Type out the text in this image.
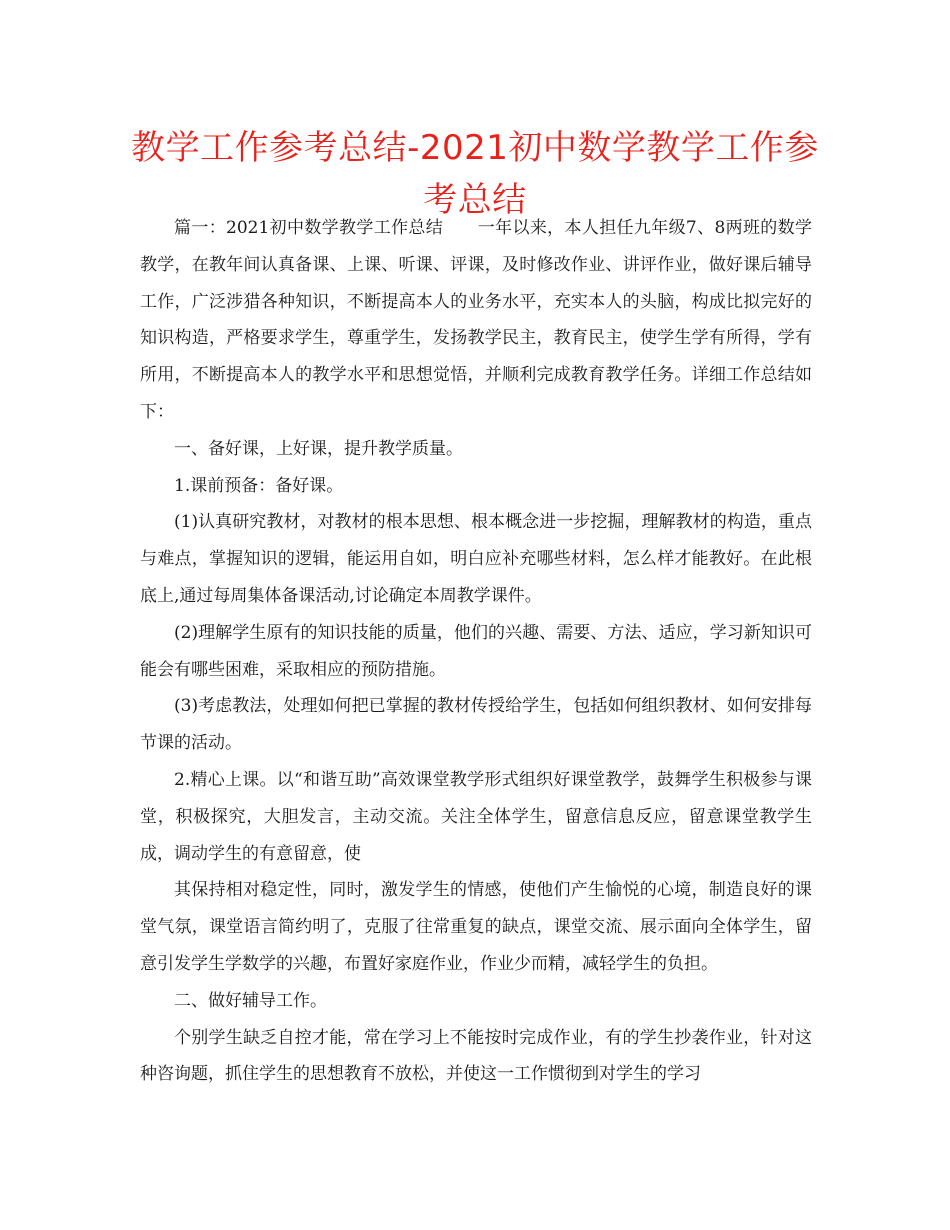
教学工作参考总结-2021初中数学教学工作参考总结

篇一：2021初中数学教学工作总结　　一年以来，本人担任九年级7、8两班的数学教学，在教年间认真备课、上课、听课、评课，及时修改作业、讲评作业，做好课后辅导工作，广泛涉猎各种知识，不断提高本人的业务水平，充实本人的头脑，构成比拟完好的知识构造，严格要求学生，尊重学生，发扬教学民主，教育民主，使学生学有所得，学有所用，不断提高本人的教学水平和思想觉悟，并顺利完成教育教学任务。详细工作总结如下：

一、备好课，上好课，提升教学质量。

1.课前预备：备好课。

(1)认真研究教材，对教材的根本思想、根本概念进一步挖掘，理解教材的构造，重点与难点，掌握知识的逻辑，能运用自如，明白应补充哪些材料，怎么样才能教好。在此根底上,通过每周集体备课活动,讨论确定本周教学课件。

(2)理解学生原有的知识技能的质量，他们的兴趣、需要、方法、适应，学习新知识可能会有哪些困难，采取相应的预防措施。

(3)考虑教法，处理如何把已掌握的教材传授给学生，包括如何组织教材、如何安排每节课的活动。

2.精心上课。以“和谐互助”高效课堂教学形式组织好课堂教学，鼓舞学生积极参与课堂，积极探究，大胆发言，主动交流。关注全体学生，留意信息反应，留意课堂教学生成，调动学生的有意留意，使

其保持相对稳定性，同时，激发学生的情感，使他们产生愉悦的心境，制造良好的课堂气氛，课堂语言简约明了，克服了往常重复的缺点，课堂交流、展示面向全体学生，留意引发学生学数学的兴趣，布置好家庭作业，作业少而精，减轻学生的负担。

二、做好辅导工作。

个别学生缺乏自控才能，常在学习上不能按时完成作业，有的学生抄袭作业，针对这种咨询题，抓住学生的思想教育不放松，并使这一工作惯彻到对学生的学习
